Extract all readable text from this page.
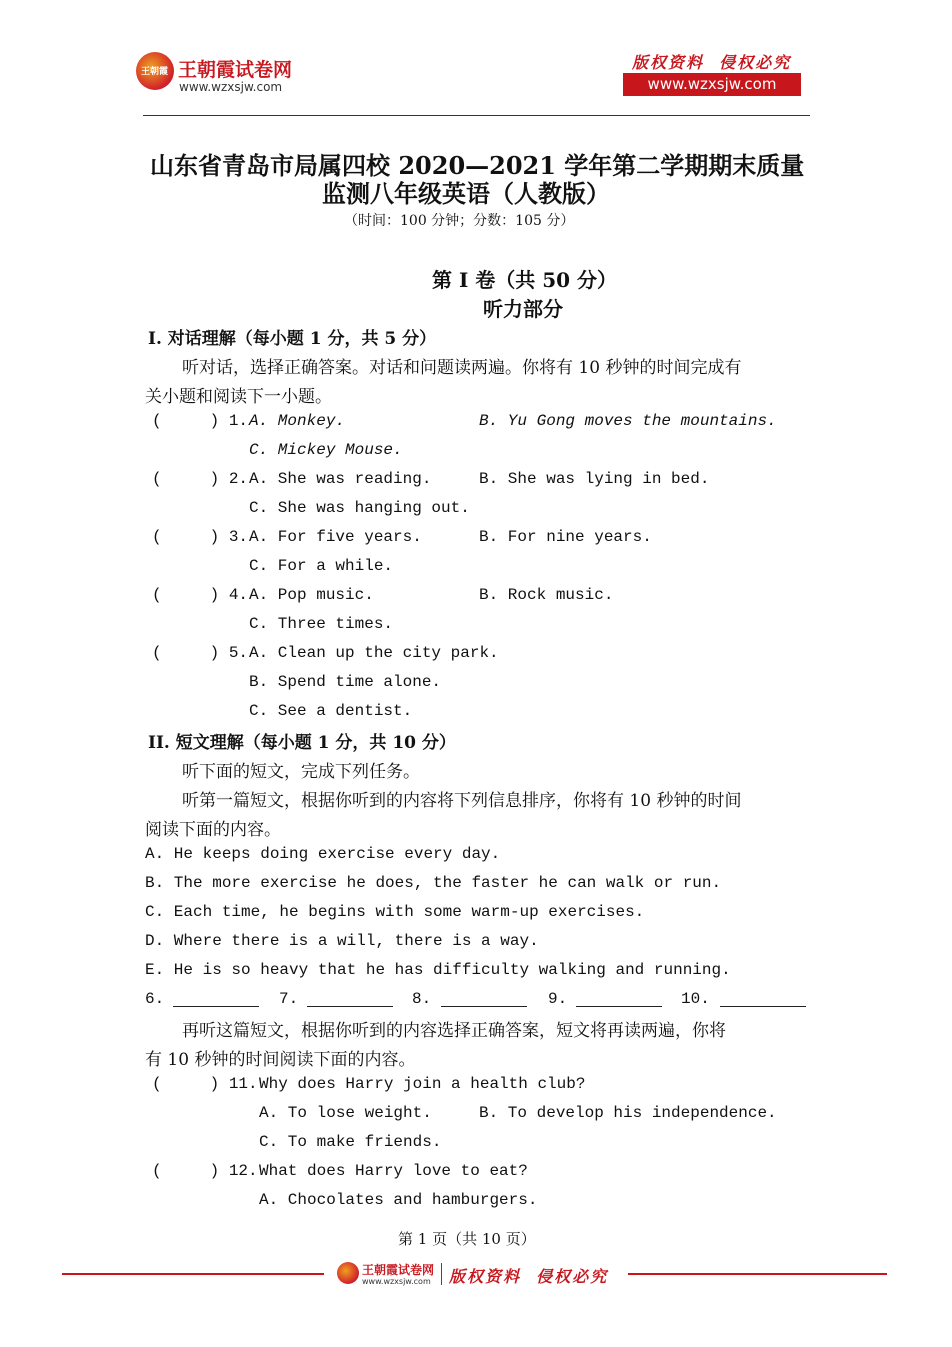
王朝霞 王朝霞试卷网
www.wzxsjw.com
版权资料  侵权必究
www.wzxsjw.com
山东省青岛市局属四校 2020—2021 学年第二学期期末质量
监测八年级英语（人教版）
（时间：100 分钟；分数：105 分）
第 I 卷（共 50 分）
听力部分
I. 对话理解（每小题 1 分，共 5 分）
听对话，选择正确答案。对话和问题读两遍。你将有 10 秒钟的时间完成有
关小题和阅读下一小题。
(     ) 1. A. Monkey.	B. Yu Gong moves the mountains.
C. Mickey Mouse.
(     ) 2. A. She was reading.	B. She was lying in bed.
C. She was hanging out.
(     ) 3. A. For five years.	B. For nine years.
C. For a while.
(     ) 4. A. Pop music.	B. Rock music.
C. Three times.
(     ) 5. A. Clean up the city park.
B. Spend time alone.
C. See a dentist.
II. 短文理解（每小题 1 分，共 10 分）
听下面的短文，完成下列任务。
听第一篇短文，根据你听到的内容将下列信息排序，你将有 10 秒钟的时间
阅读下面的内容。
A. He keeps doing exercise every day.
B. The more exercise he does, the faster he can walk or run.
C. Each time, he begins with some warm-up exercises.
D. Where there is a will, there is a way.
E. He is so heavy that he has difficulty walking and running.
6.	7.	8.	9.	10.
再听这篇短文，根据你听到的内容选择正确答案，短文将再读两遍，你将
有 10 秒钟的时间阅读下面的内容。
(     ) 11. Why does Harry join a health club?
A. To lose weight.	B. To develop his independence.
C. To make friends.
(     ) 12. What does Harry love to eat?
A. Chocolates and hamburgers.
第 1 页（共 10 页）
王朝霞试卷网
www.wzxsjw.com 版权资料  侵权必究
